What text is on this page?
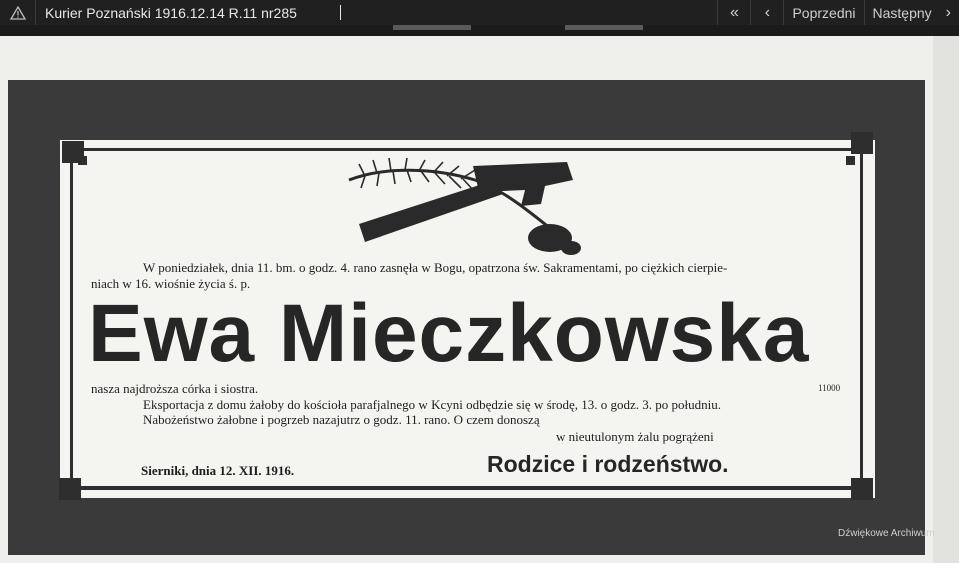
Kurier Poznański 1916.12.14 R.11 nr285	« ‹	Poprzedni	Następny ›
W poniedziałek, dnia 11. bm. o godz. 4. rano zasnęła w Bogu, opatrzona św. Sakramentami, po ciężkich cierpie-
niach w 16. wiośnie życia ś. p.
Ewa Mieczkowska
nasza najdroższa córka i siostra.	11000
Eksportacja z domu żałoby do kościoła parafjalnego w Kcyni odbędzie się w środę, 13. o godz. 3. po południu.
Nabożeństwo żałobne i pogrzeb nazajutrz o godz. 11. rano. O czem donoszą
w nieutulonym żalu pogrążeni
Sierniki, dnia 12. XII. 1916.	Rodzice i rodzeństwo.
Dźwiękowe Archiwum
